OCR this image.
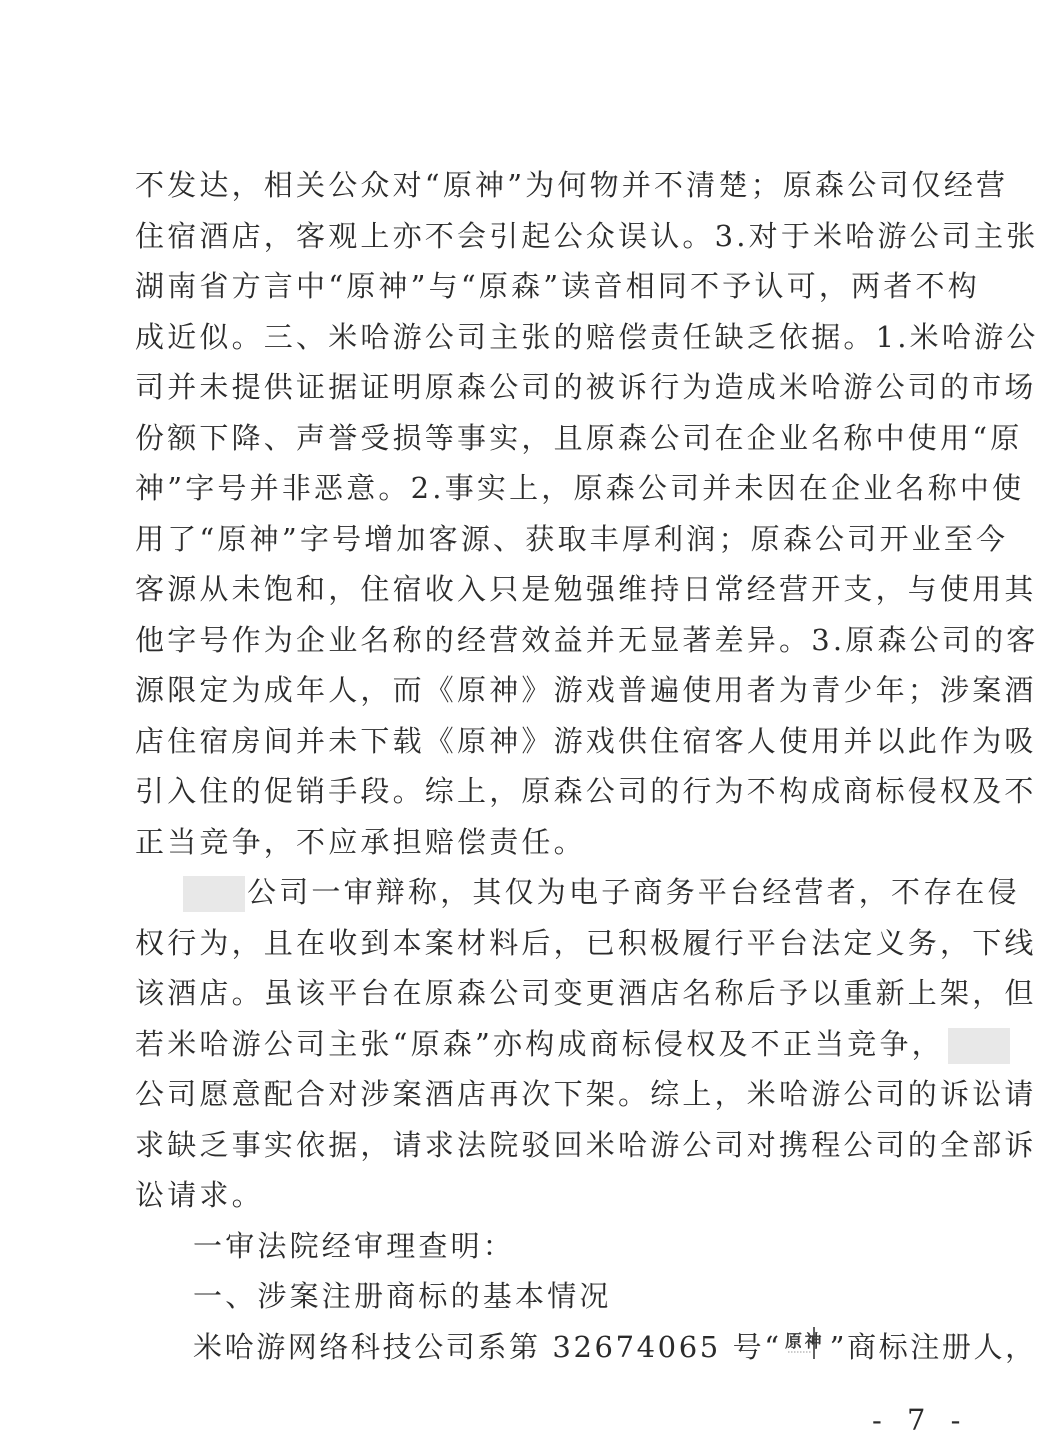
不发达，相关公众对“原神”为何物并不清楚；原森公司仅经营
住宿酒店，客观上亦不会引起公众误认。3.对于米哈游公司主张
湖南省方言中“原神”与“原森”读音相同不予认可，两者不构
成近似。三、米哈游公司主张的赔偿责任缺乏依据。1.米哈游公
司并未提供证据证明原森公司的被诉行为造成米哈游公司的市场
份额下降、声誉受损等事实，且原森公司在企业名称中使用“原
神”字号并非恶意。2.事实上，原森公司并未因在企业名称中使
用了“原神”字号增加客源、获取丰厚利润；原森公司开业至今
客源从未饱和，住宿收入只是勉强维持日常经营开支，与使用其
他字号作为企业名称的经营效益并无显著差异。3.原森公司的客
源限定为成年人，而《原神》游戏普遍使用者为青少年；涉案酒
店住宿房间并未下载《原神》游戏供住宿客人使用并以此作为吸
引入住的促销手段。综上，原森公司的行为不构成商标侵权及不
正当竞争，不应承担赔偿责任。
公司一审辩称，其仅为电子商务平台经营者，不存在侵
权行为，且在收到本案材料后，已积极履行平台法定义务，下线
该酒店。虽该平台在原森公司变更酒店名称后予以重新上架，但
若米哈游公司主张“原森”亦构成商标侵权及不正当竞争，
公司愿意配合对涉案酒店再次下架。综上，米哈游公司的诉讼请
求缺乏事实依据，请求法院驳回米哈游公司对携程公司的全部诉
讼请求。
一审法院经审理查明：
一、涉案注册商标的基本情况
米哈游网络科技公司系第 32674065 号“ 原神 ”商标注册人，
- 7 -
